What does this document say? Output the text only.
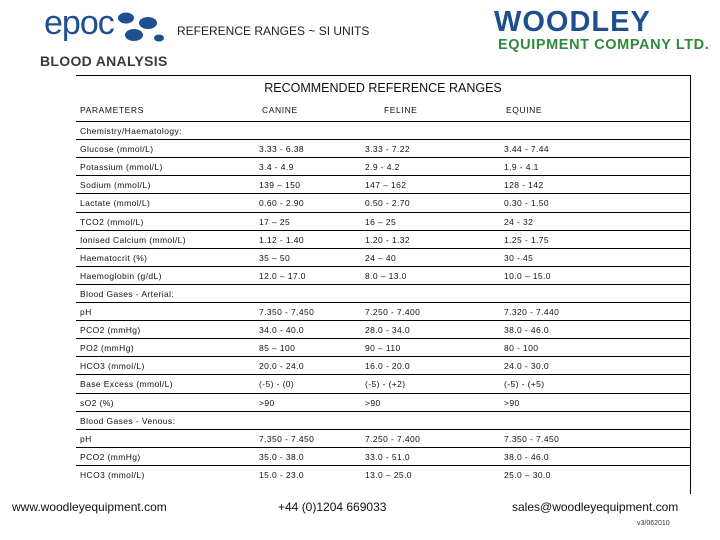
epoc
BLOOD ANALYSIS
REFERENCE RANGES ~ SI UNITS	WOODLEY
EQUIPMENT COMPANY LTD.
RECOMMENDED REFERENCE RANGES
PARAMETERS	CANINE	FELINE	EQUINE
Chemistry/Haematology:
Glucose (mmol/L)	3.33 - 6.38	3.33 - 7.22	3.44 - 7.44
Potassium (mmol/L)	3.4 - 4.9	2.9 - 4.2	1.9 - 4.1
Sodium (mmol/L)	139 – 150	147 – 162	128 - 142
Lactate (mmol/L)	0.60 - 2.90	0.50 - 2.70	0.30 - 1.50
TCO2 (mmol/L)	17 – 25	16 – 25	24 - 32
Ionised Calcium (mmol/L)	1.12 - 1.40	1.20 - 1.32	1.25 - 1.75
Haematocrit (%)	35 – 50	24 – 40	30 - 45
Haemoglobin (g/dL)	12.0 – 17.0	8.0 – 13.0	10.0 – 15.0
Blood Gases - Arterial:
pH	7.350 - 7.450	7.250 - 7.400	7.320 - 7.440
PCO2 (mmHg)	34.0 - 40.0	28.0 - 34.0	38.0 - 46.0
PO2 (mmHg)	85 – 100	90 – 110	80 - 100
HCO3 (mmol/L)	20.0 - 24.0	16.0 - 20.0	24.0 - 30.0
Base Excess (mmol/L)	(-5) - (0)	(-5) - (+2)	(-5) - (+5)
sO2 (%)	>90	>90	>90
Blood Gases - Venous:
pH	7.350 - 7.450	7.250 - 7.400	7.350 - 7.450
PCO2 (mmHg)	35.0 - 38.0	33.0 - 51.0	38.0 - 46.0
HCO3 (mmol/L)	15.0 - 23.0	13.0 – 25.0	25.0 – 30.0
www.woodleyequipment.com	+44 (0)1204 669033	sales@woodleyequipment.com
v3/062010
